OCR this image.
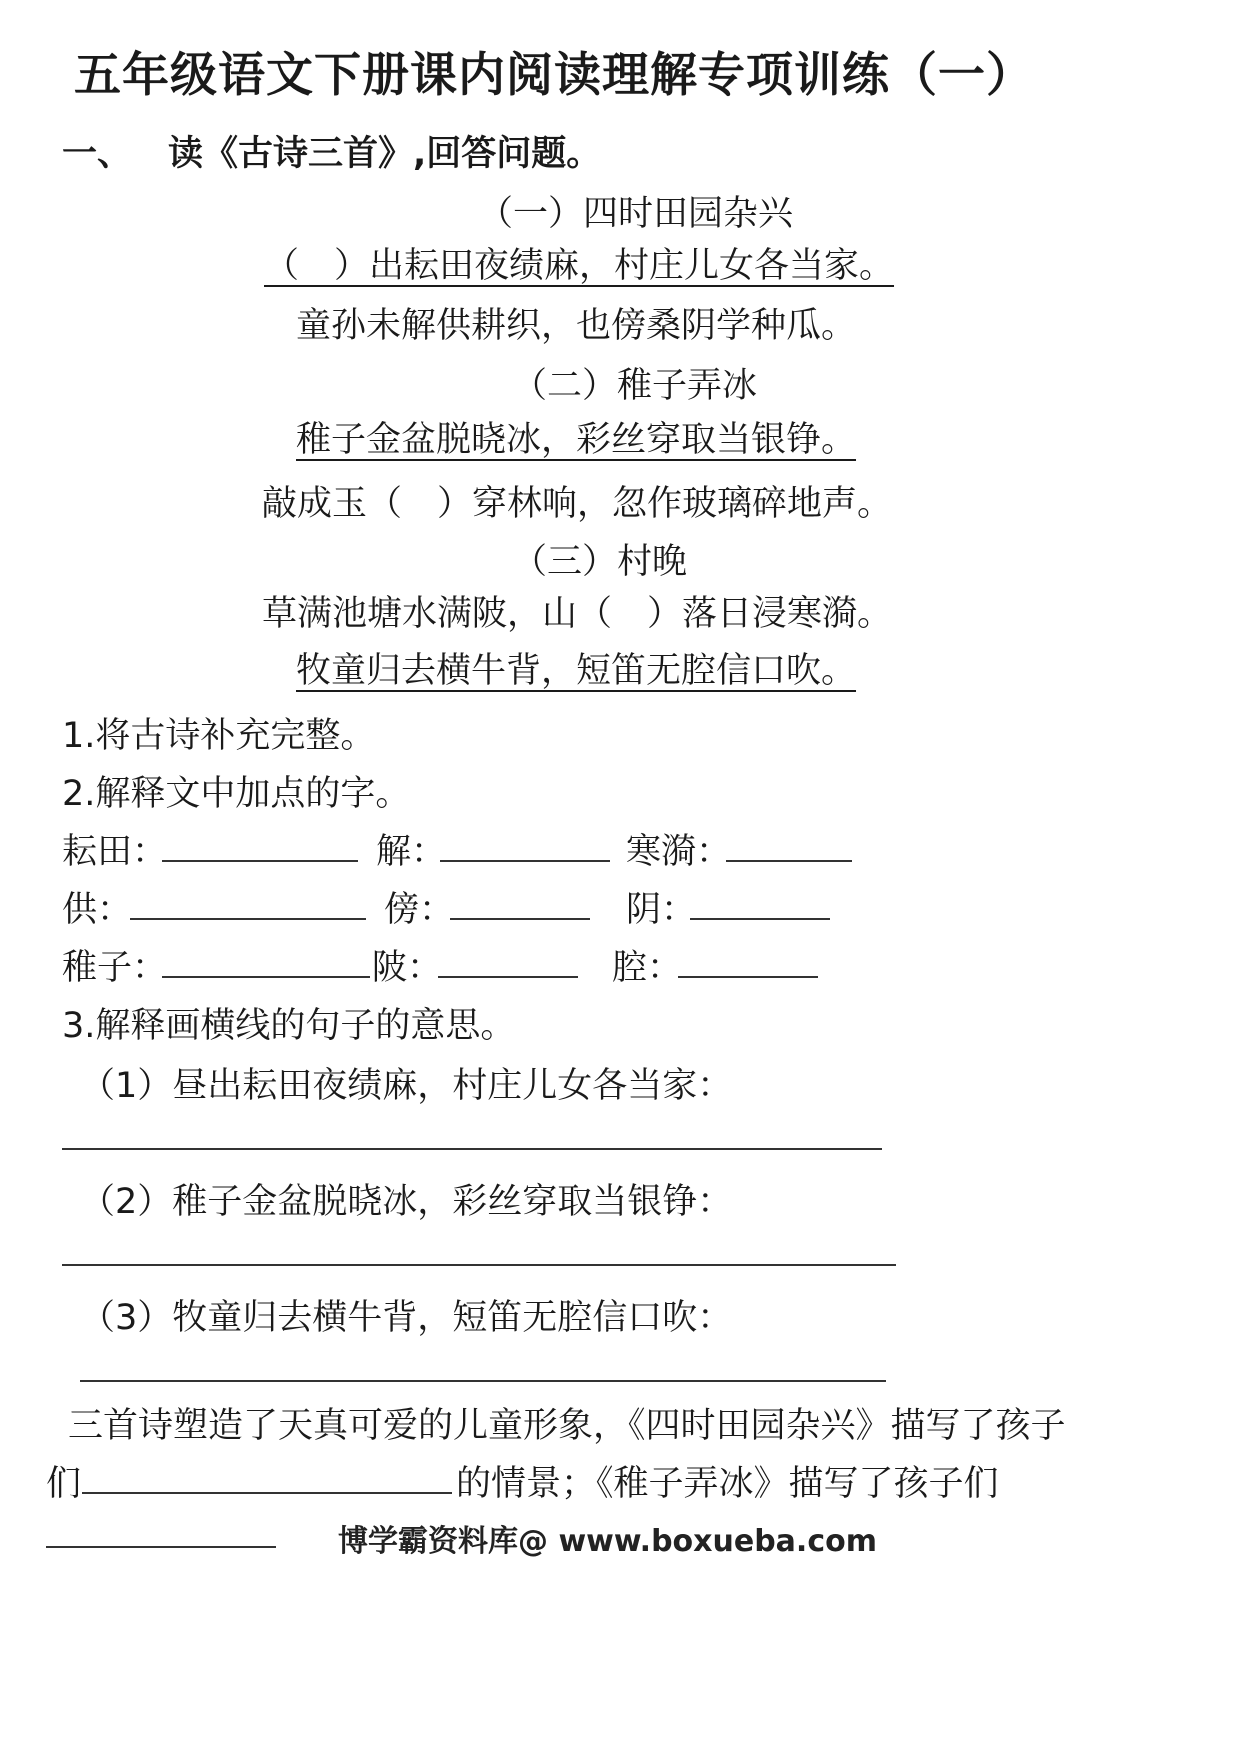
五年级语文下册课内阅读理解专项训练（一）
一、 读《古诗三首》,回答问题。
（一）四时田园杂兴
（　）出耘田夜绩麻，村庄儿女各当家。
童孙未解供耕织，也傍桑阴学种瓜。
（二）稚子弄冰
稚子金盆脱晓冰，彩丝穿取当银铮。
敲成玉（　）穿林响，忽作玻璃碎地声。
（三）村晚
草满池塘水满陂，山（　）落日浸寒漪。
牧童归去横牛背，短笛无腔信口吹。
1.将古诗补充完整。
2.解释文中加点的字。
耘田：	解：	寒漪：
供：	傍：	阴：
稚子：	陂：	腔：
3.解释画横线的句子的意思。
（1）昼出耘田夜绩麻，村庄儿女各当家：
（2）稚子金盆脱晓冰，彩丝穿取当银铮：
（3）牧童归去横牛背，短笛无腔信口吹：
三首诗塑造了天真可爱的儿童形象，《四时田园杂兴》描写了孩子
们	的情景；《稚子弄冰》描写了孩子们
博学霸资料库@ www.boxueba.com
